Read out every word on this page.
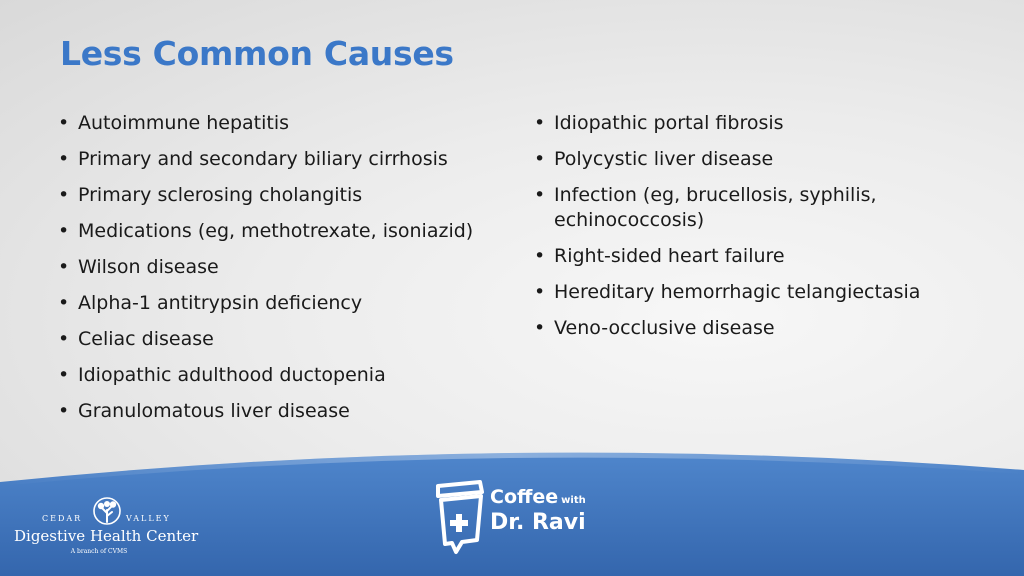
Less Common Causes
• Autoimmune hepatitis
• Primary and secondary biliary cirrhosis
• Primary sclerosing cholangitis
• Medications (eg, methotrexate, isoniazid)
• Wilson disease
• Alpha-1 antitrypsin deficiency
• Celiac disease
• Idiopathic adulthood ductopenia
• Granulomatous liver disease
• Idiopathic portal fibrosis
• Polycystic liver disease
• Infection (eg, brucellosis, syphilis, echinococcosis)
• Right-sided heart failure
• Hereditary hemorrhagic telangiectasia
• Veno-occlusive disease
CEDAR	VALLEY
Digestive Health Center
A branch of CVMS
Coffee with
Dr. Ravi
